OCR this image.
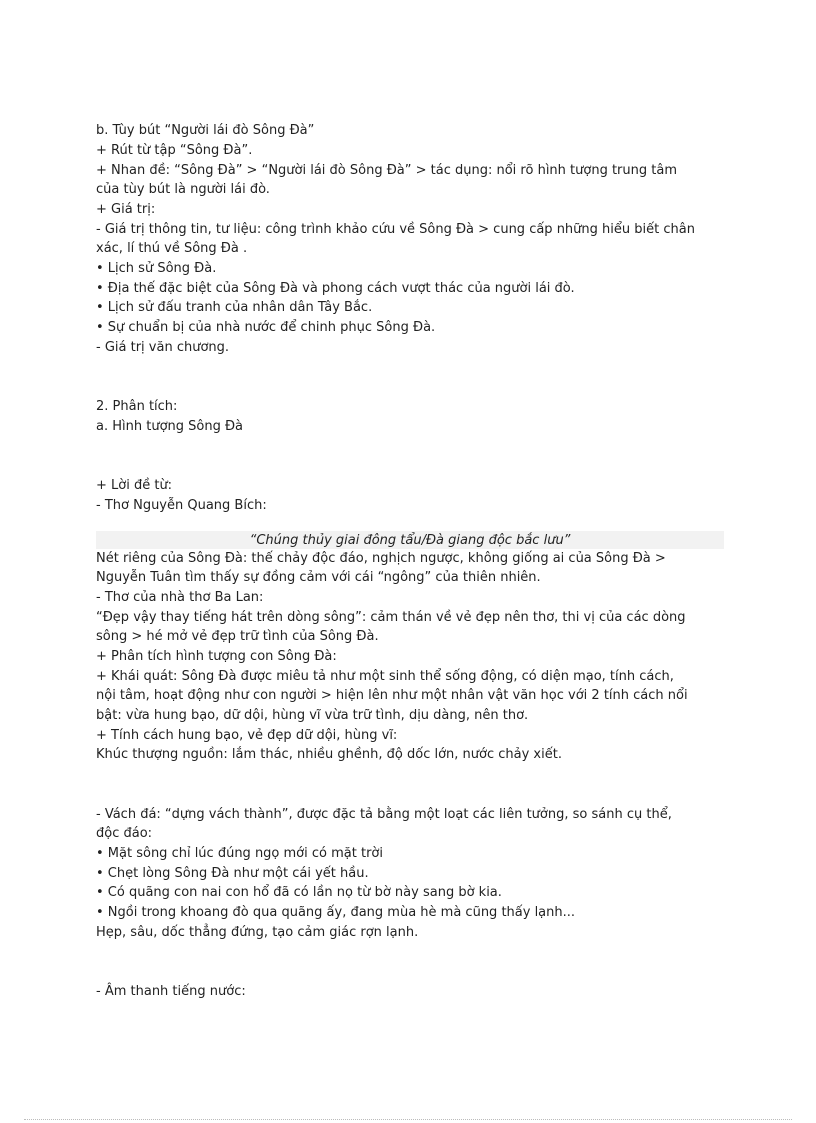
b. Tùy bút “Người lái đò Sông Đà”

+ Rút từ tập “Sông Đà”.

+ Nhan đề: “Sông Đà” > “Người lái đò Sông Đà” > tác dụng: nổi rõ hình tượng trung tâm

của tùy bút là người lái đò.

+ Giá trị:

- Giá trị thông tin, tư liệu: công trình khảo cứu về Sông Đà > cung cấp những hiểu biết chân

xác, lí thú về Sông Đà .

• Lịch sử Sông Đà.

• Địa thế đặc biệt của Sông Đà và phong cách vượt thác của người lái đò.

• Lịch sử đấu tranh của nhân dân Tây Bắc.

• Sự chuẩn bị của nhà nước để chinh phục Sông Đà.

- Giá trị văn chương.

2. Phân tích:

a. Hình tượng Sông Đà

+ Lời đề từ:

- Thơ Nguyễn Quang Bích:

“Chúng thủy giai đông tẩu/Đà giang độc bắc lưu”

Nét riêng của Sông Đà: thế chảy độc đáo, nghịch ngược, không giống ai của Sông Đà >

Nguyễn Tuân tìm thấy sự đồng cảm với cái “ngông” của thiên nhiên.

- Thơ của nhà thơ Ba Lan:

“Đẹp vậy thay tiếng hát trên dòng sông”: cảm thán về vẻ đẹp nên thơ, thi vị của các dòng

sông > hé mở vẻ đẹp trữ tình của Sông Đà.

+ Phân tích hình tượng con Sông Đà:

+ Khái quát: Sông Đà được miêu tả như một sinh thể sống động, có diện mạo, tính cách,

nội tâm, hoạt động như con người > hiện lên như một nhân vật văn học với 2 tính cách nổi

bật: vừa hung bạo, dữ dội, hùng vĩ vừa trữ tình, dịu dàng, nên thơ.

+ Tính cách hung bạo, vẻ đẹp dữ dội, hùng vĩ:

Khúc thượng nguồn: lắm thác, nhiều ghềnh, độ dốc lớn, nước chảy xiết.

- Vách đá: “dựng vách thành”, được đặc tả bằng một loạt các liên tưởng, so sánh cụ thể,

độc đáo:

• Mặt sông chỉ lúc đúng ngọ mới có mặt trời

• Chẹt lòng Sông Đà như một cái yết hầu.

• Có quãng con nai con hổ đã có lần nọ từ bờ này sang bờ kia.

• Ngồi trong khoang đò qua quãng ấy, đang mùa hè mà cũng thấy lạnh...

Hẹp, sâu, dốc thẳng đứng, tạo cảm giác rợn lạnh.

- Âm thanh tiếng nước:
